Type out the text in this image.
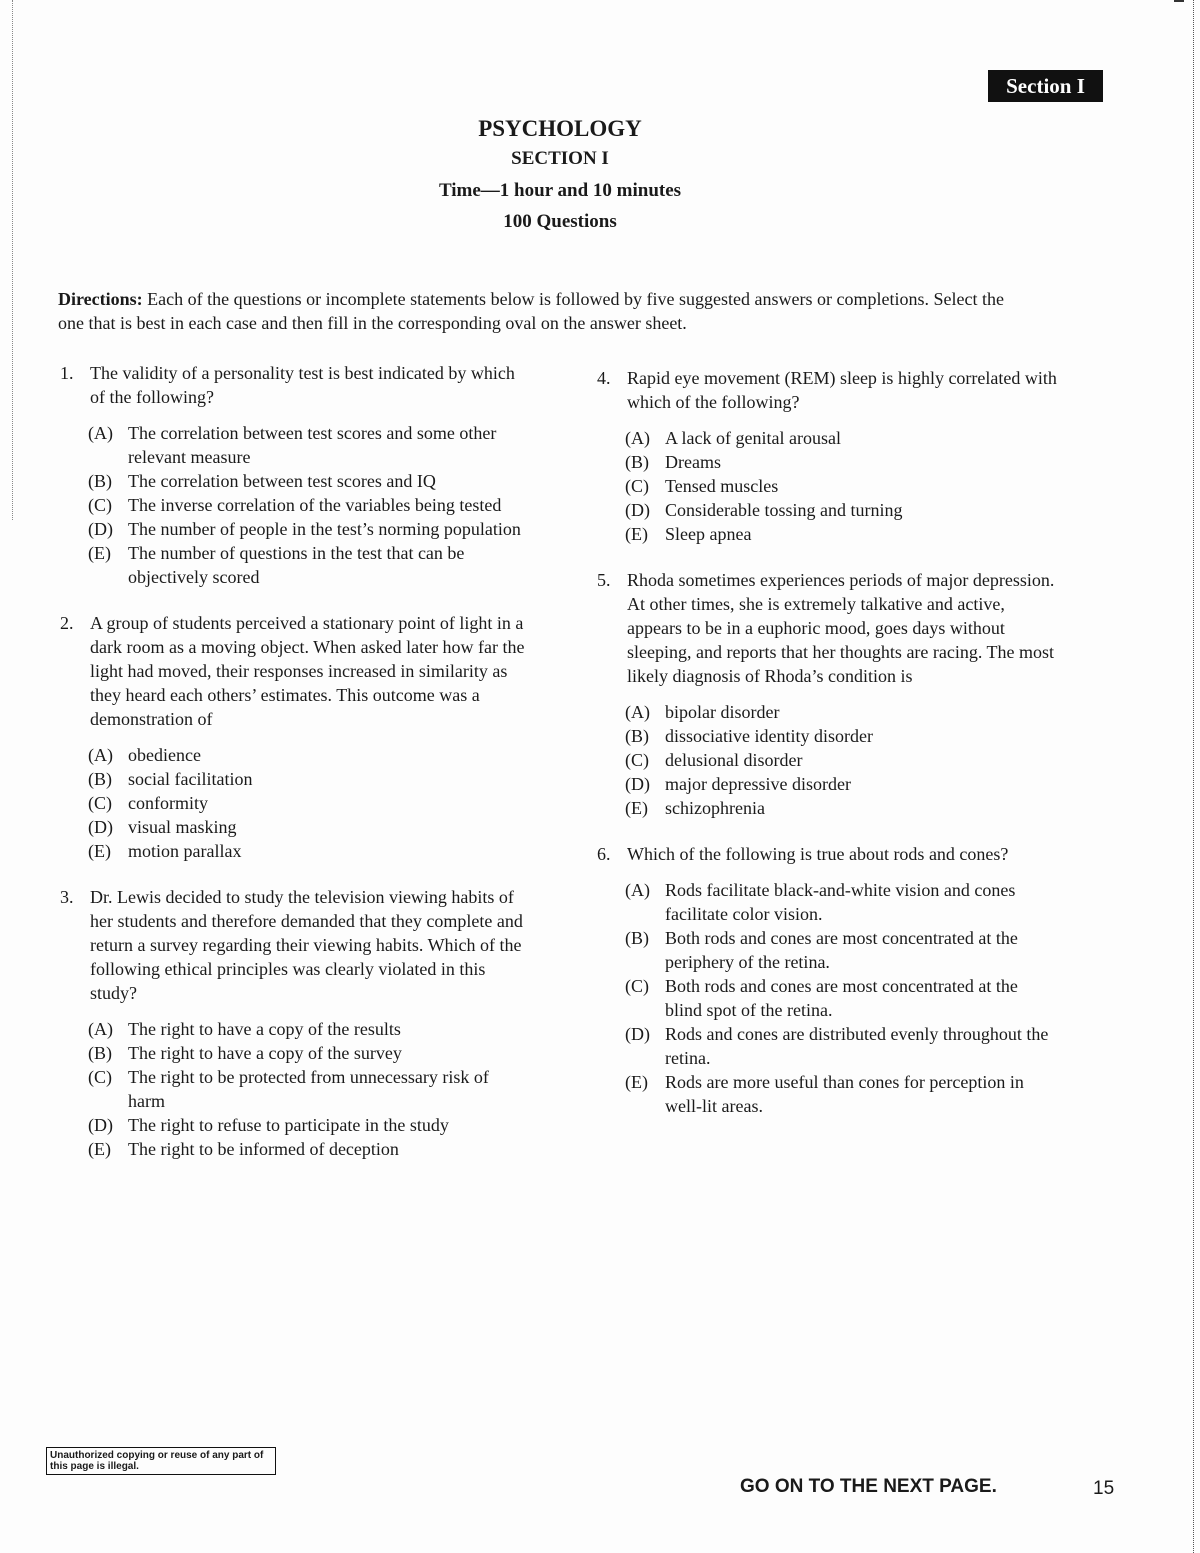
Section I
PSYCHOLOGY
SECTION I
Time—1 hour and 10 minutes
100 Questions
Directions: Each of the questions or incomplete statements below is followed by five suggested answers or completions. Select the one that is best in each case and then fill in the corresponding oval on the answer sheet.
1. The validity of a personality test is best indicated by which of the following?
(A) The correlation between test scores and some other relevant measure
(B) The correlation between test scores and IQ
(C) The inverse correlation of the variables being tested
(D) The number of people in the test’s norming population
(E) The number of questions in the test that can be objectively scored
2. A group of students perceived a stationary point of light in a dark room as a moving object. When asked later how far the light had moved, their responses increased in similarity as they heard each others’ estimates. This outcome was a demonstration of
(A) obedience
(B) social facilitation
(C) conformity
(D) visual masking
(E) motion parallax
3. Dr. Lewis decided to study the television viewing habits of her students and therefore demanded that they complete and return a survey regarding their viewing habits. Which of the following ethical principles was clearly violated in this study?
(A) The right to have a copy of the results
(B) The right to have a copy of the survey
(C) The right to be protected from unnecessary risk of harm
(D) The right to refuse to participate in the study
(E) The right to be informed of deception
4. Rapid eye movement (REM) sleep is highly correlated with which of the following?
(A) A lack of genital arousal
(B) Dreams
(C) Tensed muscles
(D) Considerable tossing and turning
(E) Sleep apnea
5. Rhoda sometimes experiences periods of major depression. At other times, she is extremely talkative and active, appears to be in a euphoric mood, goes days without sleeping, and reports that her thoughts are racing. The most likely diagnosis of Rhoda’s condition is
(A) bipolar disorder
(B) dissociative identity disorder
(C) delusional disorder
(D) major depressive disorder
(E) schizophrenia
6. Which of the following is true about rods and cones?
(A) Rods facilitate black-and-white vision and cones facilitate color vision.
(B) Both rods and cones are most concentrated at the periphery of the retina.
(C) Both rods and cones are most concentrated at the blind spot of the retina.
(D) Rods and cones are distributed evenly throughout the retina.
(E) Rods are more useful than cones for perception in well-lit areas.
Unauthorized copying or reuse of any part of this page is illegal.
GO ON TO THE NEXT PAGE.	15
